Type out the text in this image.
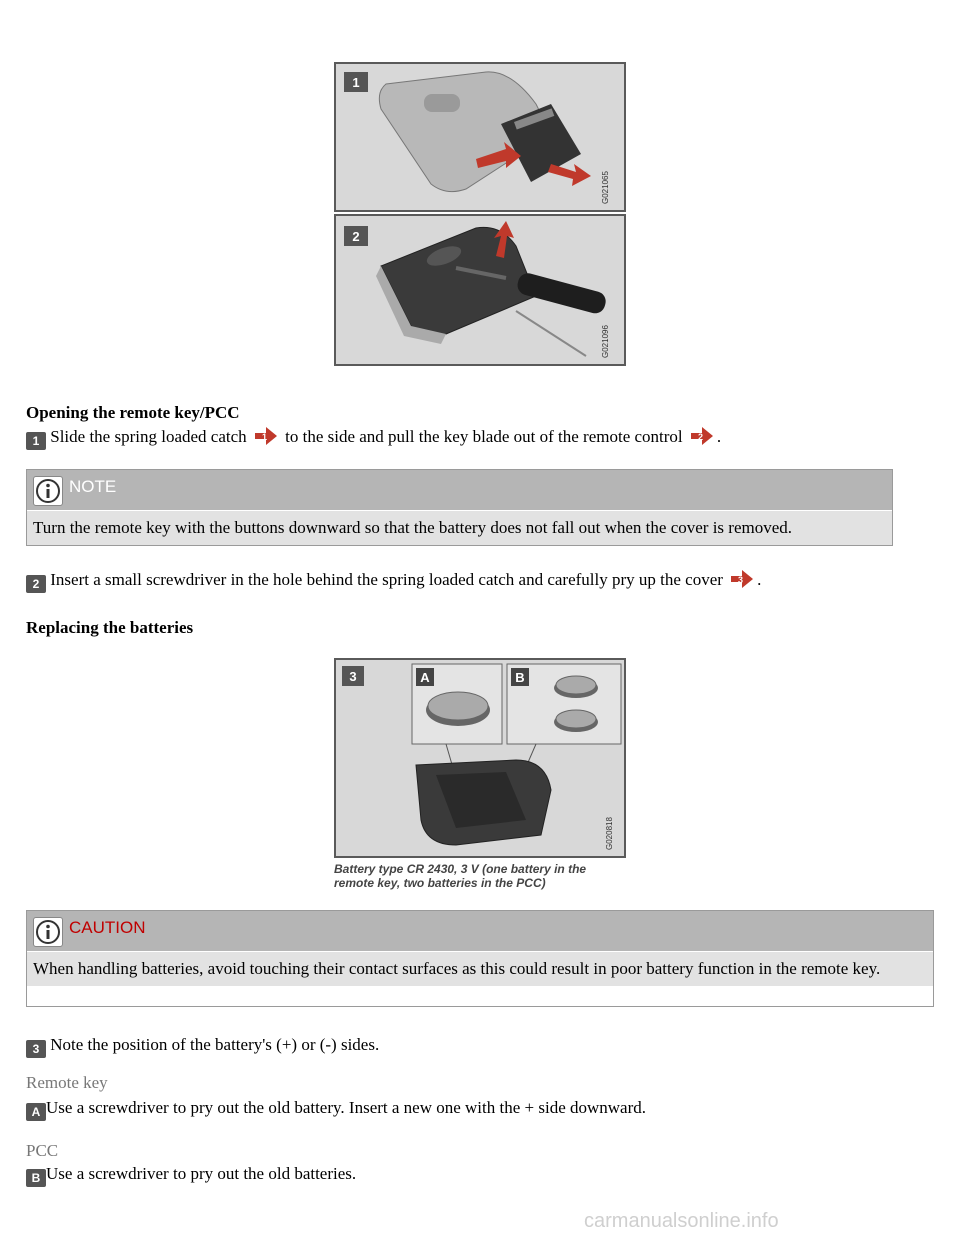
1
G021065
2
G021096
Opening the remote key/PCC
1 Slide the spring loaded catch 1 to the side and pull the key blade out of the remote control 2 .
NOTE
Turn the remote key with the buttons downward so that the battery does not fall out when the cover is removed.
2 Insert a small screwdriver in the hole behind the spring loaded catch and carefully pry up the cover 3 .
Replacing the batteries
3	A	B
G020818
Battery type CR 2430, 3 V (one battery in the remote key, two batteries in the PCC)
CAUTION
When handling batteries, avoid touching their contact surfaces as this could result in poor battery function in the remote key.
3 Note the position of the battery's (+) or (-) sides.
Remote key
A Use a screwdriver to pry out the old battery. Insert a new one with the + side downward.
PCC
B Use a screwdriver to pry out the old batteries.
carmanualsonline.info
